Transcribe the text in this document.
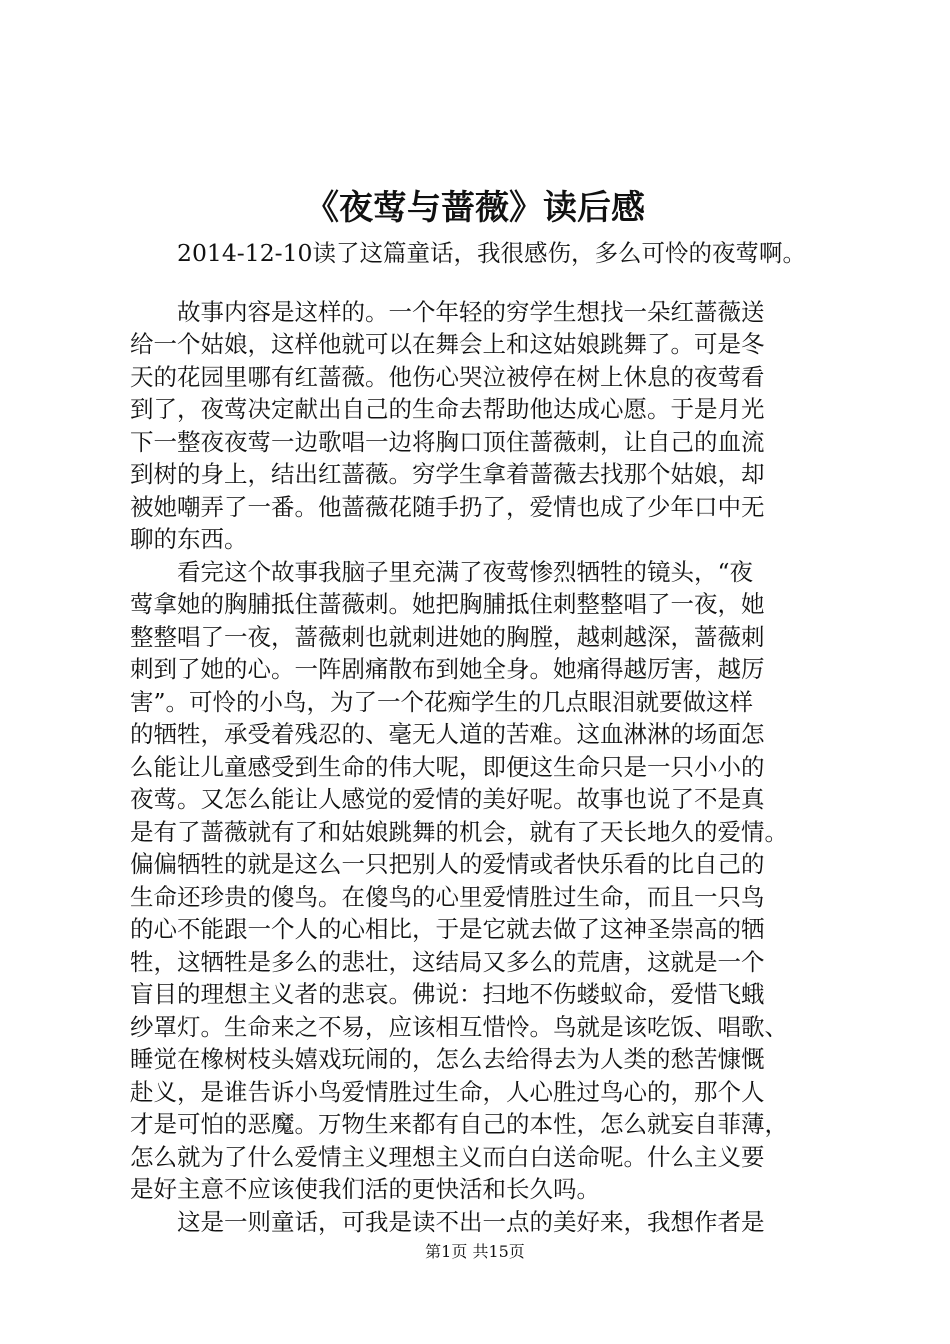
《夜莺与蔷薇》读后感
　　2014-12-10读了这篇童话，我很感伤，多么可怜的夜莺啊。
　　故事内容是这样的。一个年轻的穷学生想找一朵红蔷薇送
给一个姑娘，这样他就可以在舞会上和这姑娘跳舞了。可是冬
天的花园里哪有红蔷薇。他伤心哭泣被停在树上休息的夜莺看
到了，夜莺决定献出自己的生命去帮助他达成心愿。于是月光
下一整夜夜莺一边歌唱一边将胸口顶住蔷薇刺，让自己的血流
到树的身上，结出红蔷薇。穷学生拿着蔷薇去找那个姑娘，却
被她嘲弄了一番。他蔷薇花随手扔了，爱情也成了少年口中无
聊的东西。
　　看完这个故事我脑子里充满了夜莺惨烈牺牲的镜头，“夜
莺拿她的胸脯抵住蔷薇刺。她把胸脯抵住刺整整唱了一夜，她
整整唱了一夜，蔷薇刺也就刺进她的胸膛，越刺越深，蔷薇刺
刺到了她的心。一阵剧痛散布到她全身。她痛得越厉害，越厉
害”。可怜的小鸟，为了一个花痴学生的几点眼泪就要做这样
的牺牲，承受着残忍的、毫无人道的苦难。这血淋淋的场面怎
么能让儿童感受到生命的伟大呢，即便这生命只是一只小小的
夜莺。又怎么能让人感觉的爱情的美好呢。故事也说了不是真
是有了蔷薇就有了和姑娘跳舞的机会，就有了天长地久的爱情。
偏偏牺牲的就是这么一只把别人的爱情或者快乐看的比自己的
生命还珍贵的傻鸟。在傻鸟的心里爱情胜过生命，而且一只鸟
的心不能跟一个人的心相比，于是它就去做了这神圣崇高的牺
牲，这牺牲是多么的悲壮，这结局又多么的荒唐，这就是一个
盲目的理想主义者的悲哀。佛说：扫地不伤蝼蚁命，爱惜飞蛾
纱罩灯。生命来之不易，应该相互惜怜。鸟就是该吃饭、唱歌、
睡觉在橡树枝头嬉戏玩闹的，怎么去给得去为人类的愁苦慷慨
赴义，是谁告诉小鸟爱情胜过生命，人心胜过鸟心的，那个人
才是可怕的恶魔。万物生来都有自己的本性，怎么就妄自菲薄，
怎么就为了什么爱情主义理想主义而白白送命呢。什么主义要
是好主意不应该使我们活的更快活和长久吗。
　　这是一则童话，可我是读不出一点的美好来，我想作者是
第1页 共15页
